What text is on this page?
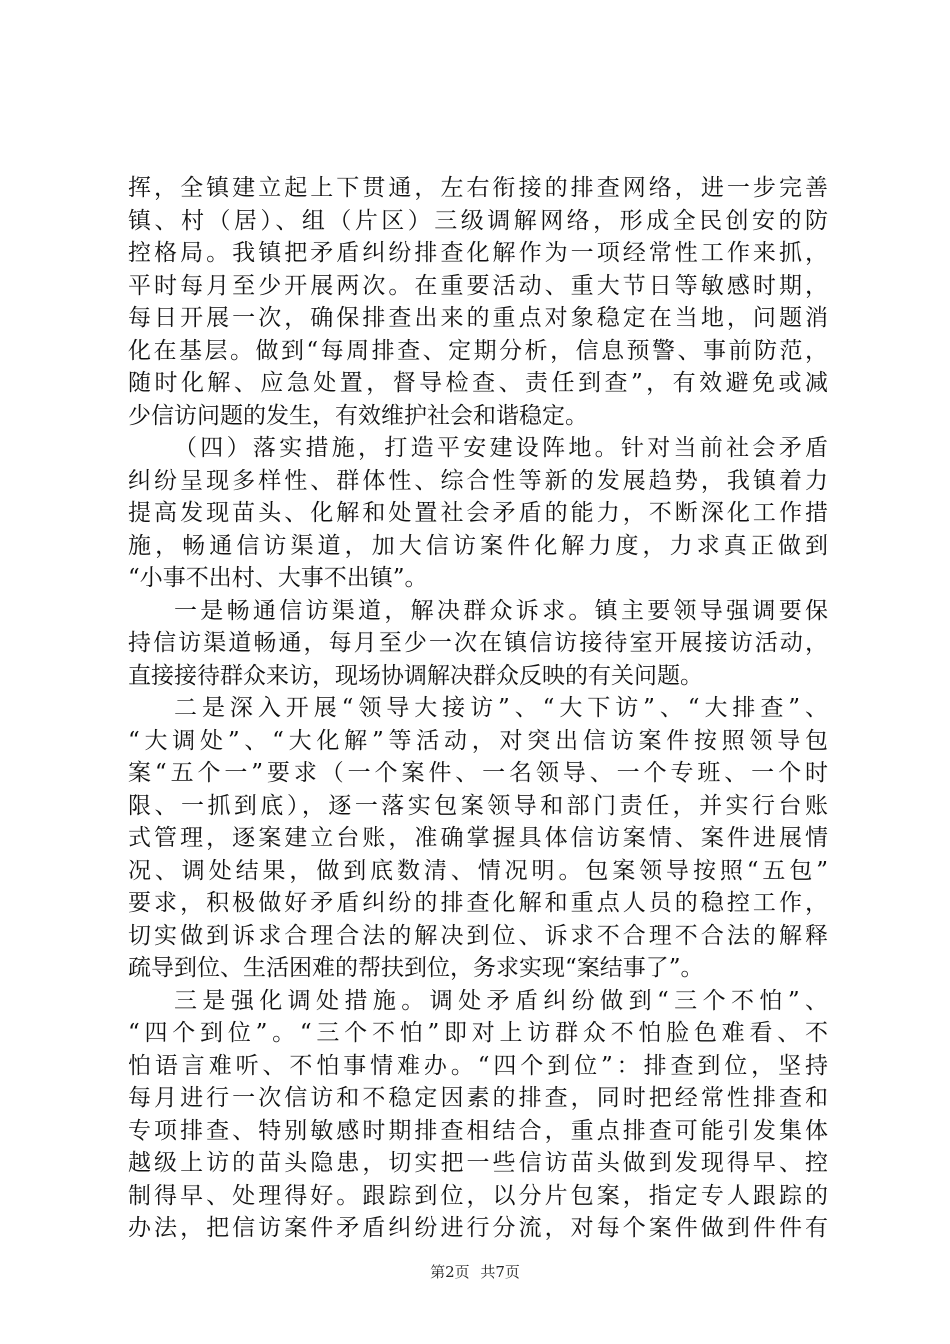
挥，全镇建立起上下贯通，左右衔接的排查网络，进一步完善
镇、村（居）、组（片区）三级调解网络，形成全民创安的防
控格局。我镇把矛盾纠纷排查化解作为一项经常性工作来抓，
平时每月至少开展两次。在重要活动、重大节日等敏感时期，
每日开展一次，确保排查出来的重点对象稳定在当地，问题消
化在基层。做到“每周排查、定期分析，信息预警、事前防范，
随时化解、应急处置，督导检查、责任到查”，有效避免或减
少信访问题的发生，有效维护社会和谐稳定。
（四）落实措施，打造平安建设阵地。针对当前社会矛盾
纠纷呈现多样性、群体性、综合性等新的发展趋势，我镇着力
提高发现苗头、化解和处置社会矛盾的能力，不断深化工作措
施，畅通信访渠道，加大信访案件化解力度，力求真正做到
“小事不出村、大事不出镇”。
一是畅通信访渠道，解决群众诉求。镇主要领导强调要保
持信访渠道畅通，每月至少一次在镇信访接待室开展接访活动，
直接接待群众来访，现场协调解决群众反映的有关问题。
二是深入开展“领导大接访”、“大下访”、“大排查”、
“大调处”、“大化解”等活动，对突出信访案件按照领导包
案“五个一”要求（一个案件、一名领导、一个专班、一个时
限、一抓到底），逐一落实包案领导和部门责任，并实行台账
式管理，逐案建立台账，准确掌握具体信访案情、案件进展情
况、调处结果，做到底数清、情况明。包案领导按照“五包”
要求，积极做好矛盾纠纷的排查化解和重点人员的稳控工作，
切实做到诉求合理合法的解决到位、诉求不合理不合法的解释
疏导到位、生活困难的帮扶到位，务求实现“案结事了”。
三是强化调处措施。调处矛盾纠纷做到“三个不怕”、
“四个到位”。“三个不怕”即对上访群众不怕脸色难看、不
怕语言难听、不怕事情难办。“四个到位”：排查到位，坚持
每月进行一次信访和不稳定因素的排查，同时把经常性排查和
专项排查、特别敏感时期排查相结合，重点排查可能引发集体
越级上访的苗头隐患，切实把一些信访苗头做到发现得早、控
制得早、处理得好。跟踪到位，以分片包案，指定专人跟踪的
办法，把信访案件矛盾纠纷进行分流，对每个案件做到件件有
第2页 共7页
